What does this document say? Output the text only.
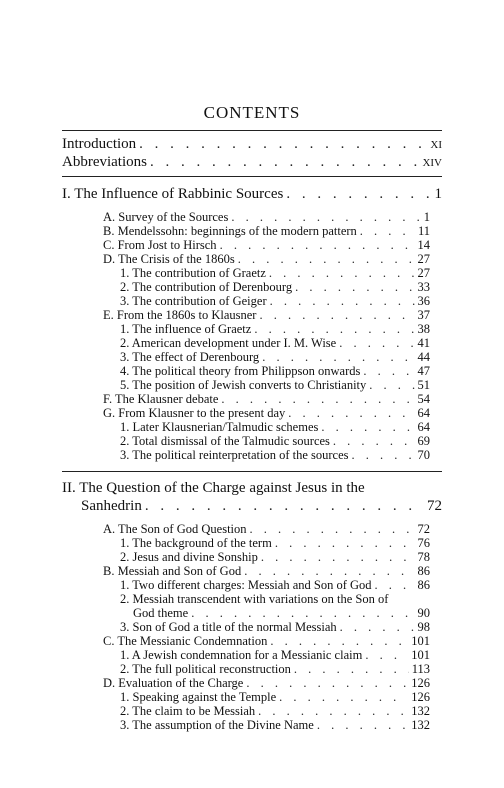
CONTENTS
Introduction . . .	xi
Abbreviations . . .	xiv
I. The Influence of Rabbinic Sources . . .	1
A. Survey of the Sources . . .	1
B. Mendelssohn: beginnings of the modern pattern . . .	11
C. From Jost to Hirsch . . .	14
D. The Crisis of the 1860s . . .	27
1. The contribution of Graetz . . .	27
2. The contribution of Derenbourg . . .	33
3. The contribution of Geiger . . .	36
E. From the 1860s to Klausner . . .	37
1. The influence of Graetz . . .	38
2. American development under I. M. Wise . . .	41
3. The effect of Derenbourg . . .	44
4. The political theory from Philippson onwards . . .	47
5. The position of Jewish converts to Christianity . . .	51
F. The Klausner debate . . .	54
G. From Klausner to the present day . . .	64
1. Later Klausnerian/Talmudic schemes . . .	64
2. Total dismissal of the Talmudic sources . . .	69
3. The political reinterpretation of the sources . . .	70
II. The Question of the Charge against Jesus in the
Sanhedrin . . .	72
A. The Son of God Question . . .	72
1. The background of the term . . .	76
2. Jesus and divine Sonship . . .	78
B. Messiah and Son of God . . .	86
1. Two different charges: Messiah and Son of God . . .	86
2. Messiah transcendent with variations on the Son of
God theme . . .	90
3. Son of God a title of the normal Messiah . . .	98
C. The Messianic Condemnation . . .	101
1. A Jewish condemnation for a Messianic claim . . .	101
2. The full political reconstruction . . .	113
D. Evaluation of the Charge . . .	126
1. Speaking against the Temple . . .	126
2. The claim to be Messiah . . .	132
3. The assumption of the Divine Name . . .	132
